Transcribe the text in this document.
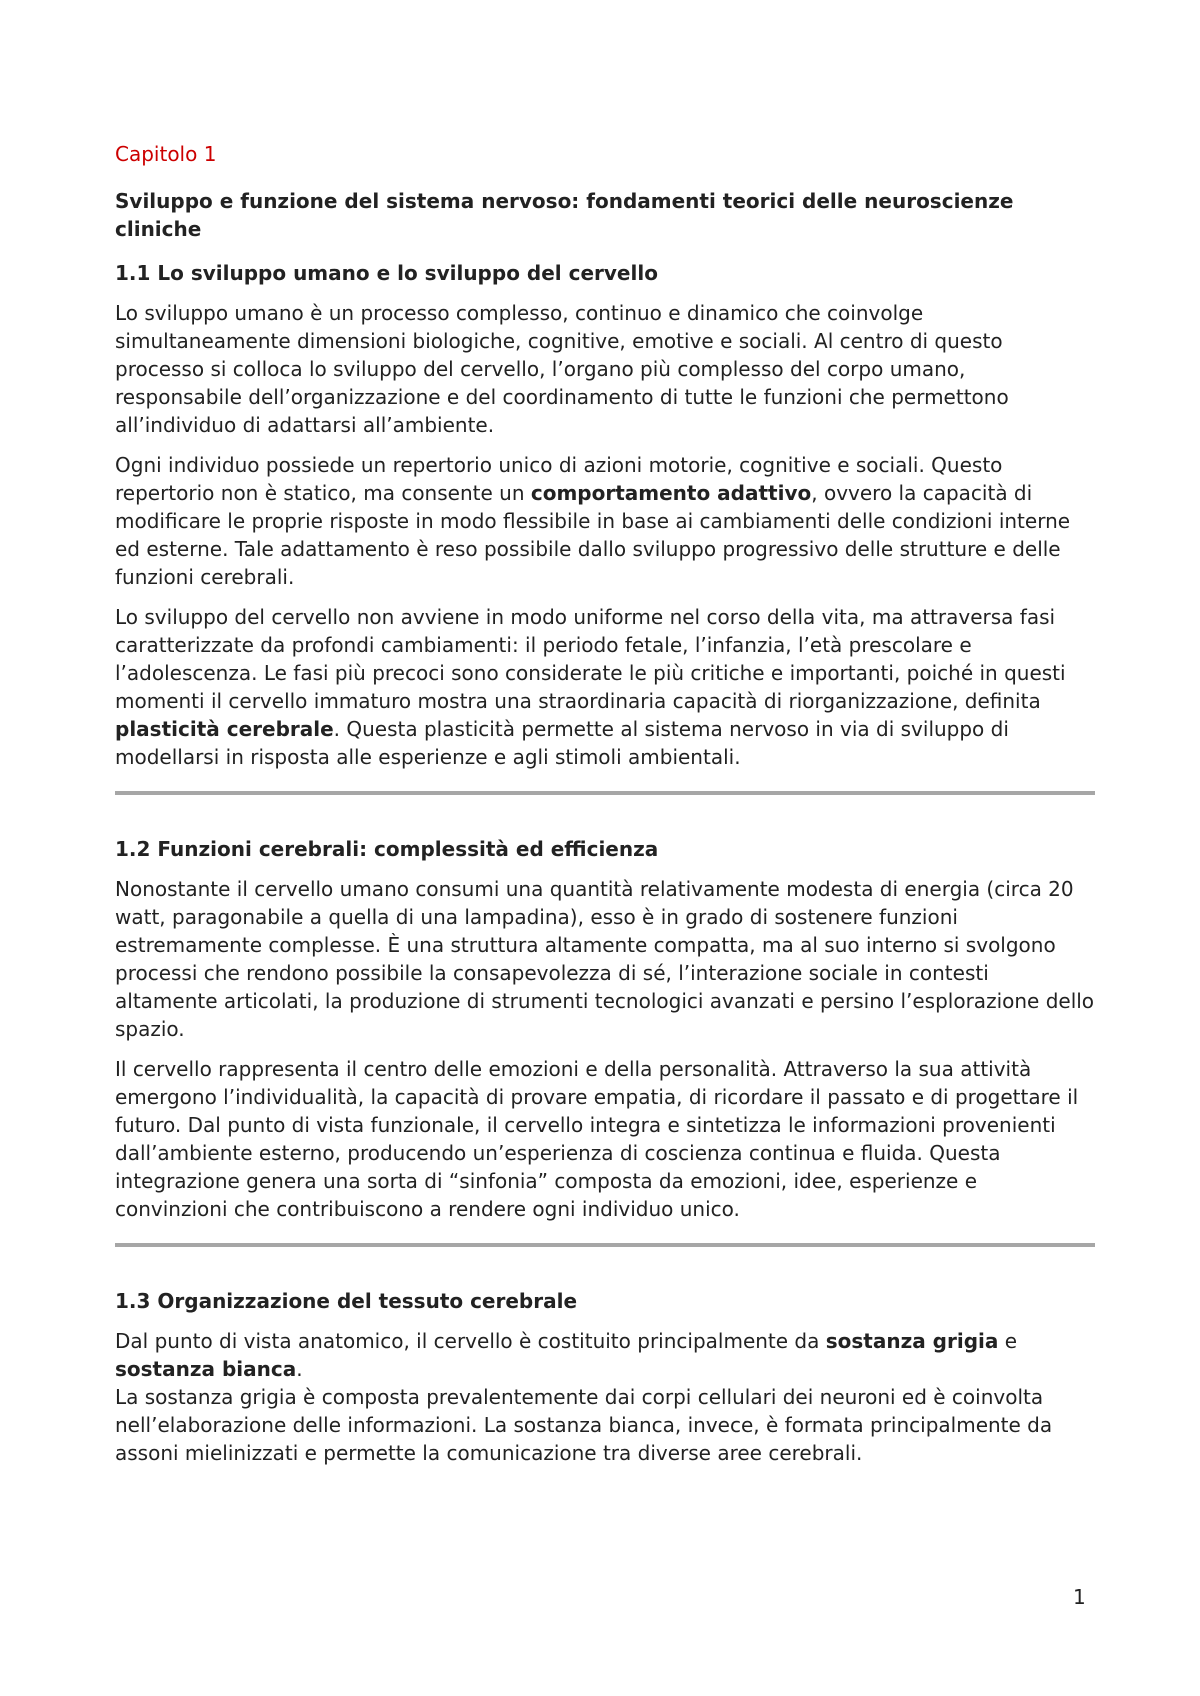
Capitolo 1
Sviluppo e funzione del sistema nervoso: fondamenti teorici delle neuroscienze cliniche
1.1 Lo sviluppo umano e lo sviluppo del cervello

Lo sviluppo umano è un processo complesso, continuo e dinamico che coinvolge simultaneamente dimensioni biologiche, cognitive, emotive e sociali. Al centro di questo processo si colloca lo sviluppo del cervello, l’organo più complesso del corpo umano, responsabile dell’organizzazione e del coordinamento di tutte le funzioni che permettono all’individuo di adattarsi all’ambiente.

Ogni individuo possiede un repertorio unico di azioni motorie, cognitive e sociali. Questo repertorio non è statico, ma consente un comportamento adattivo, ovvero la capacità di modificare le proprie risposte in modo flessibile in base ai cambiamenti delle condizioni interne ed esterne. Tale adattamento è reso possibile dallo sviluppo progressivo delle strutture e delle funzioni cerebrali.

Lo sviluppo del cervello non avviene in modo uniforme nel corso della vita, ma attraversa fasi caratterizzate da profondi cambiamenti: il periodo fetale, l’infanzia, l’età prescolare e l’adolescenza. Le fasi più precoci sono considerate le più critiche e importanti, poiché in questi momenti il cervello immaturo mostra una straordinaria capacità di riorganizzazione, definita plasticità cerebrale. Questa plasticità permette al sistema nervoso in via di sviluppo di modellarsi in risposta alle esperienze e agli stimoli ambientali.

1.2 Funzioni cerebrali: complessità ed efficienza

Nonostante il cervello umano consumi una quantità relativamente modesta di energia (circa 20 watt, paragonabile a quella di una lampadina), esso è in grado di sostenere funzioni estremamente complesse. È una struttura altamente compatta, ma al suo interno si svolgono processi che rendono possibile la consapevolezza di sé, l’interazione sociale in contesti altamente articolati, la produzione di strumenti tecnologici avanzati e persino l’esplorazione dello spazio.

Il cervello rappresenta il centro delle emozioni e della personalità. Attraverso la sua attività emergono l’individualità, la capacità di provare empatia, di ricordare il passato e di progettare il futuro. Dal punto di vista funzionale, il cervello integra e sintetizza le informazioni provenienti dall’ambiente esterno, producendo un’esperienza di coscienza continua e fluida. Questa integrazione genera una sorta di “sinfonia” composta da emozioni, idee, esperienze e convinzioni che contribuiscono a rendere ogni individuo unico.

1.3 Organizzazione del tessuto cerebrale

Dal punto di vista anatomico, il cervello è costituito principalmente da sostanza grigia e sostanza bianca.
La sostanza grigia è composta prevalentemente dai corpi cellulari dei neuroni ed è coinvolta nell’elaborazione delle informazioni. La sostanza bianca, invece, è formata principalmente da assoni mielinizzati e permette la comunicazione tra diverse aree cerebrali.

1
